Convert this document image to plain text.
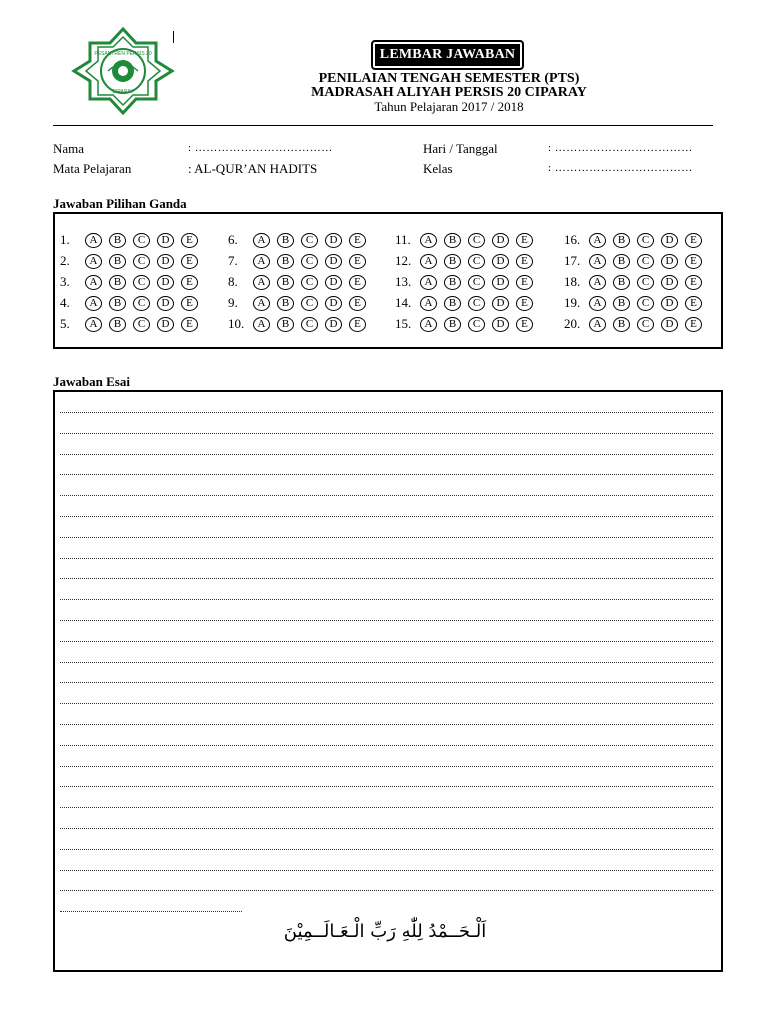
PESANTREN PERSIS 20
CIPARAY
LEMBAR JAWABAN
PENILAIAN TENGAH SEMESTER (PTS)
MADRASAH ALIYAH PERSIS 20 CIPARAY
Tahun Pelajaran 2017 / 2018
Nama	: ………………………………
Mata Pelajaran	: AL-QUR’AN HADITS
Hari / Tanggal	: ………………………………
Kelas	: ………………………………
Jawaban Pilihan Ganda
Jawaban Esai
اَلْـحَــمْدُ لِلّٰهِ رَبِّ الْـعَـالَــمِيْنَ
1.	A	B	C	D	E
2.	A	B	C	D	E
3.	A	B	C	D	E
4.	A	B	C	D	E
5.	A	B	C	D	E
6.	A	B	C	D	E
7.	A	B	C	D	E
8.	A	B	C	D	E
9.	A	B	C	D	E
10.	A	B	C	D	E
11.	A	B	C	D	E
12.	A	B	C	D	E
13.	A	B	C	D	E
14.	A	B	C	D	E
15.	A	B	C	D	E
16.	A	B	C	D	E
17.	A	B	C	D	E
18.	A	B	C	D	E
19.	A	B	C	D	E
20.	A	B	C	D	E
